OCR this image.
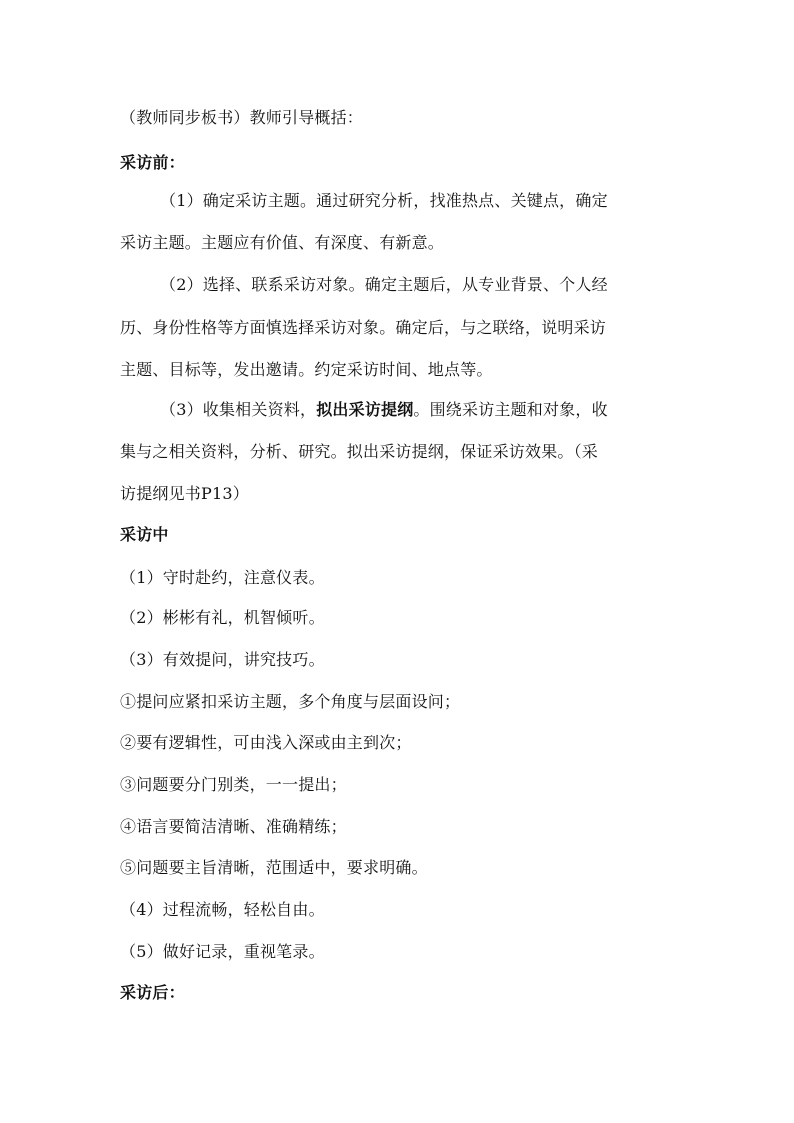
（教师同步板书）教师引导概括：
采访前：
（1）确定采访主题。通过研究分析，找准热点、关键点，确定
采访主题。主题应有价值、有深度、有新意。
（2）选择、联系采访对象。确定主题后，从专业背景、个人经
历、身份性格等方面慎选择采访对象。确定后，与之联络，说明采访
主题、目标等，发出邀请。约定采访时间、地点等。
（3）收集相关资料，拟出采访提纲。围绕采访主题和对象，收
集与之相关资料，分析、研究。拟出采访提纲，保证采访效果。（采
访提纲见书P13）
采访中
（1）守时赴约，注意仪表。
（2）彬彬有礼，机智倾听。
（3）有效提问，讲究技巧。
①提问应紧扣采访主题，多个角度与层面设问；
②要有逻辑性，可由浅入深或由主到次；
③问题要分门别类，一一提出；
④语言要简洁清晰、准确精练；
⑤问题要主旨清晰，范围适中，要求明确。
（4）过程流畅，轻松自由。
（5）做好记录，重视笔录。
采访后：
